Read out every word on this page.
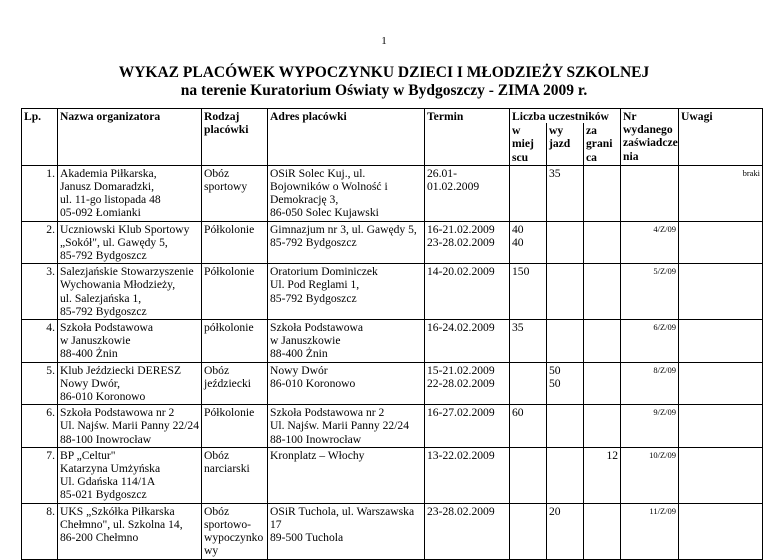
1
WYKAZ PLACÓWEK WYPOCZYNKU DZIECI I MŁODZIEŻY SZKOLNEJ
na terenie Kuratorium Oświaty w Bydgoszczy - ZIMA 2009 r.
Lp.	Nazwa organizatora	Rodzaj placówki	Adres placówki	Termin	Liczba uczestników			Nr wydanego zaświadcze nia	Uwagi
					w miej scu	wy jazd	za grani ca		
1.	Akademia Piłkarska,
Janusz Domaradzki,
ul. 11-go listopada 48
05-092 Łomianki	Obóz sportowy	OSiR Solec Kuj., ul. Bojowników o Wolność i Demokrację 3,
86-050 Solec Kujawski	26.01-01.02.2009		35			braki
2.	Uczniowski Klub Sportowy „Sokół", ul. Gawędy 5,
85-792 Bydgoszcz	Półkolonie	Gimnazjum nr 3, ul. Gawędy 5,
85-792 Bydgoszcz	16-21.02.2009
23-28.02.2009	40
40			4/Z/09	
3.	Salezjańskie Stowarzyszenie Wychowania Młodzieży,
ul. Salezjańska 1,
85-792 Bydgoszcz	Półkolonie	Oratorium Dominiczek
Ul. Pod Reglami 1,
85-792 Bydgoszcz	14-20.02.2009	150			5/Z/09	
4.	Szkoła Podstawowa
w Januszkowie
88-400 Żnin	półkolonie	Szkoła Podstawowa
w Januszkowie
88-400 Żnin	16-24.02.2009	35			6/Z/09	
5.	Klub Jeździecki DERESZ
Nowy Dwór,
86-010 Koronowo	Obóz jeździecki	Nowy Dwór
86-010 Koronowo	15-21.02.2009
22-28.02.2009		50
50		8/Z/09	
6.	Szkoła Podstawowa nr 2
Ul. Najśw. Marii Panny 22/24
88-100 Inowrocław	Półkolonie	Szkoła Podstawowa nr 2
Ul. Najśw. Marii Panny 22/24
88-100 Inowrocław	16-27.02.2009	60			9/Z/09	
7.	BP „Celtur"
Katarzyna Umżyńska
Ul. Gdańska 114/1A
85-021 Bydgoszcz	Obóz narciarski	Kronplatz – Włochy	13-22.02.2009			12	10/Z/09	
8.	UKS „Szkółka Piłkarska Chełmno", ul. Szkolna 14,
86-200 Chełmno	Obóz sportowo-wypoczynko wy	OSiR Tuchola, ul. Warszawska 17
89-500 Tuchola	23-28.02.2009		20		11/Z/09	
